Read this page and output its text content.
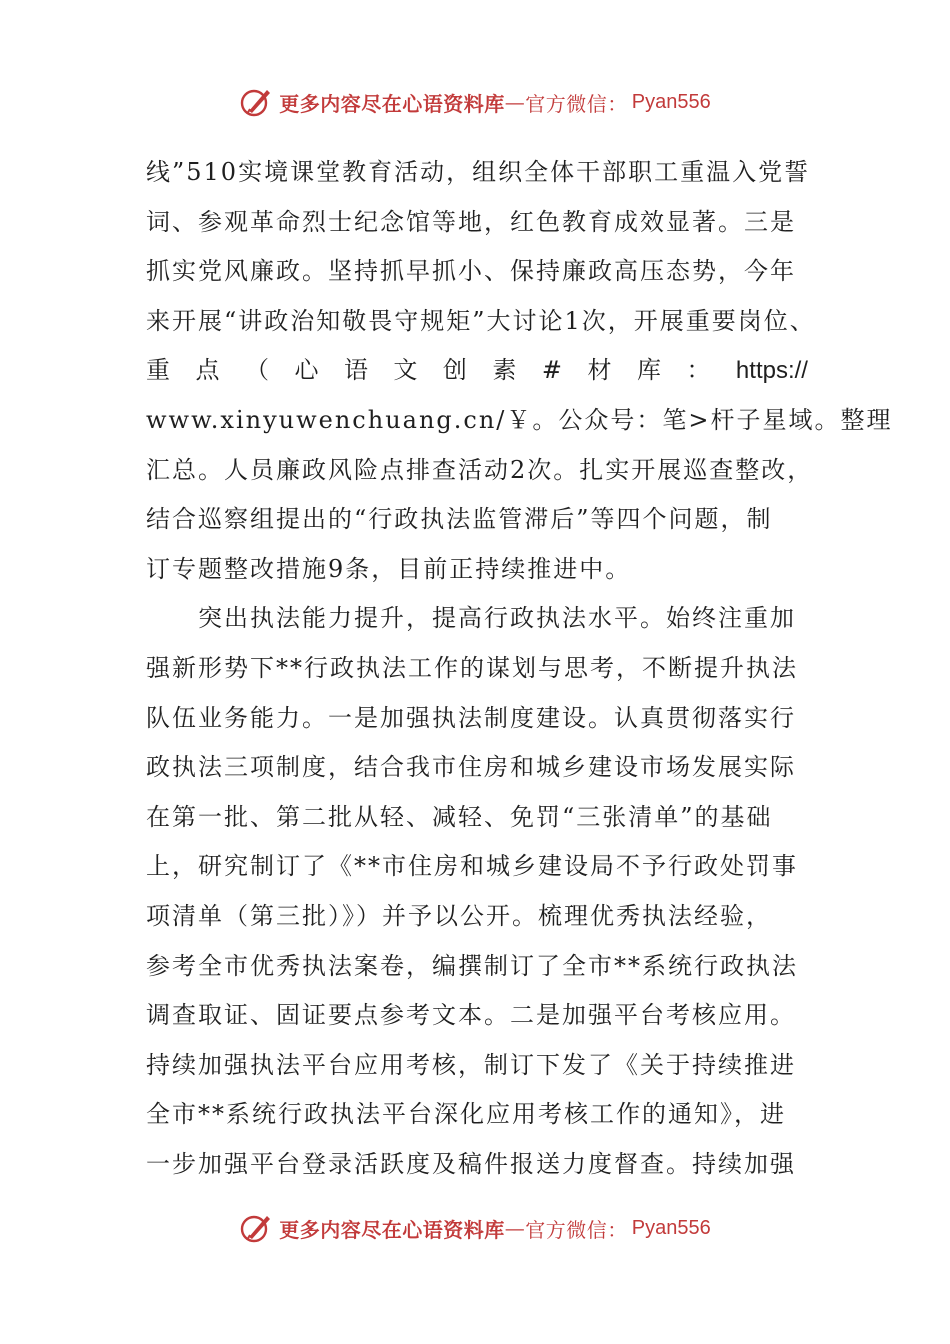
更多内容尽在心语资料库 — 官方微信： Pyan556
线”510实境课堂教育活动，组织全体干部职工重温入党誓
词、参观革命烈士纪念馆等地，红色教育成效显著。三是
抓实党风廉政。坚持抓早抓小、保持廉政高压态势，今年
来开展“讲政治知敬畏守规矩”大讨论1次，开展重要岗位、
重 点 （ 心 语 文 创 素 # 材 库 ： https://
www.xinyuwenchuang.cn/￥。公众号：笔>杆子星域。整理
汇总。人员廉政风险点排查活动2次。扎实开展巡查整改，
结合巡察组提出的“行政执法监管滞后”等四个问题，制
订专题整改措施9条，目前正持续推进中。
　　突出执法能力提升，提高行政执法水平。始终注重加
强新形势下**行政执法工作的谋划与思考，不断提升执法
队伍业务能力。一是加强执法制度建设。认真贯彻落实行
政执法三项制度，结合我市住房和城乡建设市场发展实际
在第一批、第二批从轻、减轻、免罚“三张清单”的基础
上，研究制订了《**市住房和城乡建设局不予行政处罚事
项清单（第三批）》）并予以公开。梳理优秀执法经验，
参考全市优秀执法案卷，编撰制订了全市**系统行政执法
调查取证、固证要点参考文本。二是加强平台考核应用。
持续加强执法平台应用考核，制订下发了《关于持续推进
全市**系统行政执法平台深化应用考核工作的通知》，进
一步加强平台登录活跃度及稿件报送力度督查。持续加强
更多内容尽在心语资料库 — 官方微信： Pyan556
